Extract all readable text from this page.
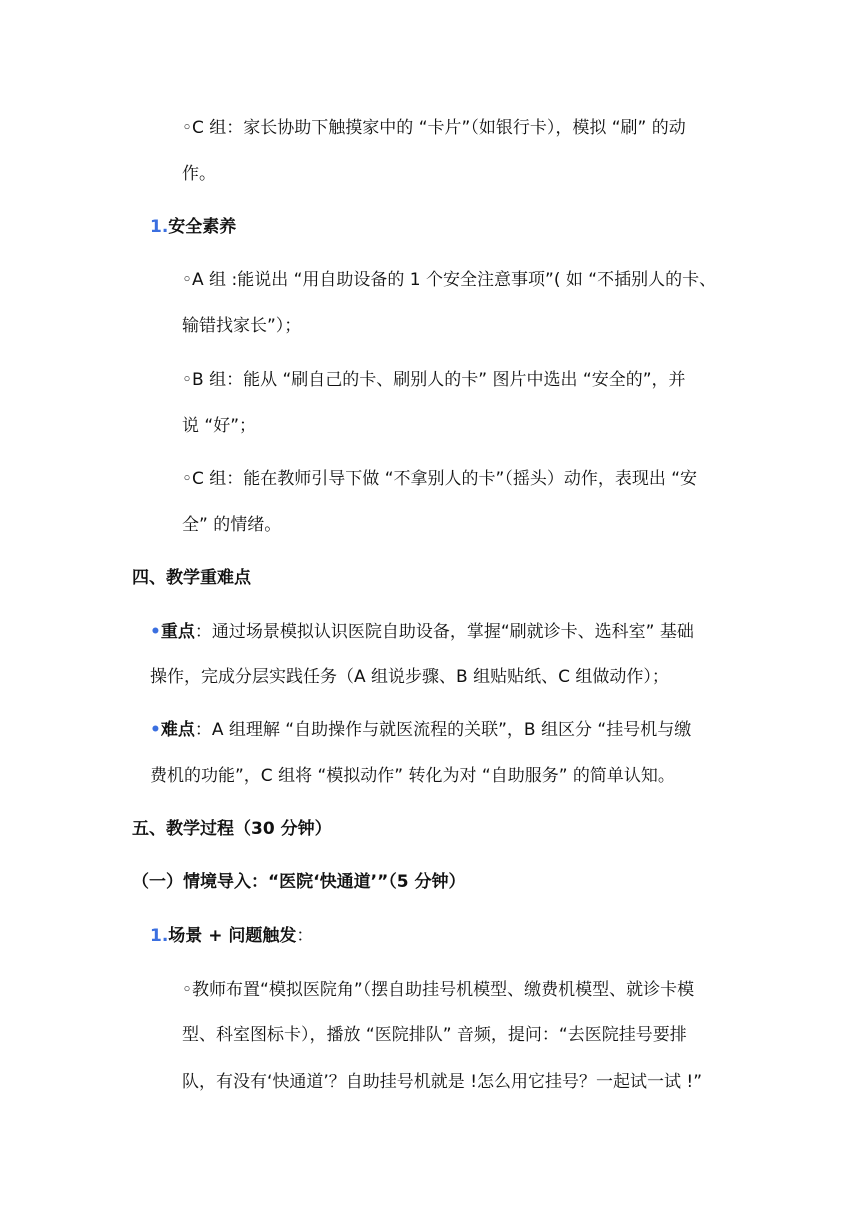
◦C 组：家长协助下触摸家中的 “卡片”（如银行卡），模拟 “刷” 的动
作。
1.安全素养
◦A 组 :能说出 “用自助设备的 1 个安全注意事项”( 如 “不插别人的卡、
输错找家长”）；
◦B 组：能从 “刷自己的卡、刷别人的卡” 图片中选出 “安全的”，并
说 “好”；
◦C 组：能在教师引导下做 “不拿别人的卡”（摇头）动作，表现出 “安
全” 的情绪。
四、教学重难点
•重点：通过场景模拟认识医院自助设备，掌握“刷就诊卡、选科室” 基础
操作，完成分层实践任务（A 组说步骤、B 组贴贴纸、C 组做动作）；
•难点：A 组理解 “自助操作与就医流程的关联”，B 组区分 “挂号机与缴
费机的功能”，C 组将 “模拟动作” 转化为对 “自助服务” 的简单认知。
五、教学过程（30 分钟）
（一）情境导入：“医院‘快通道’”（5 分钟）
1.场景 + 问题触发：
◦教师布置“模拟医院角”（摆自助挂号机模型、缴费机模型、就诊卡模
型、科室图标卡），播放 “医院排队” 音频，提问：“去医院挂号要排
队，有没有‘快通道’？自助挂号机就是 !怎么用它挂号？一起试一试 !”
